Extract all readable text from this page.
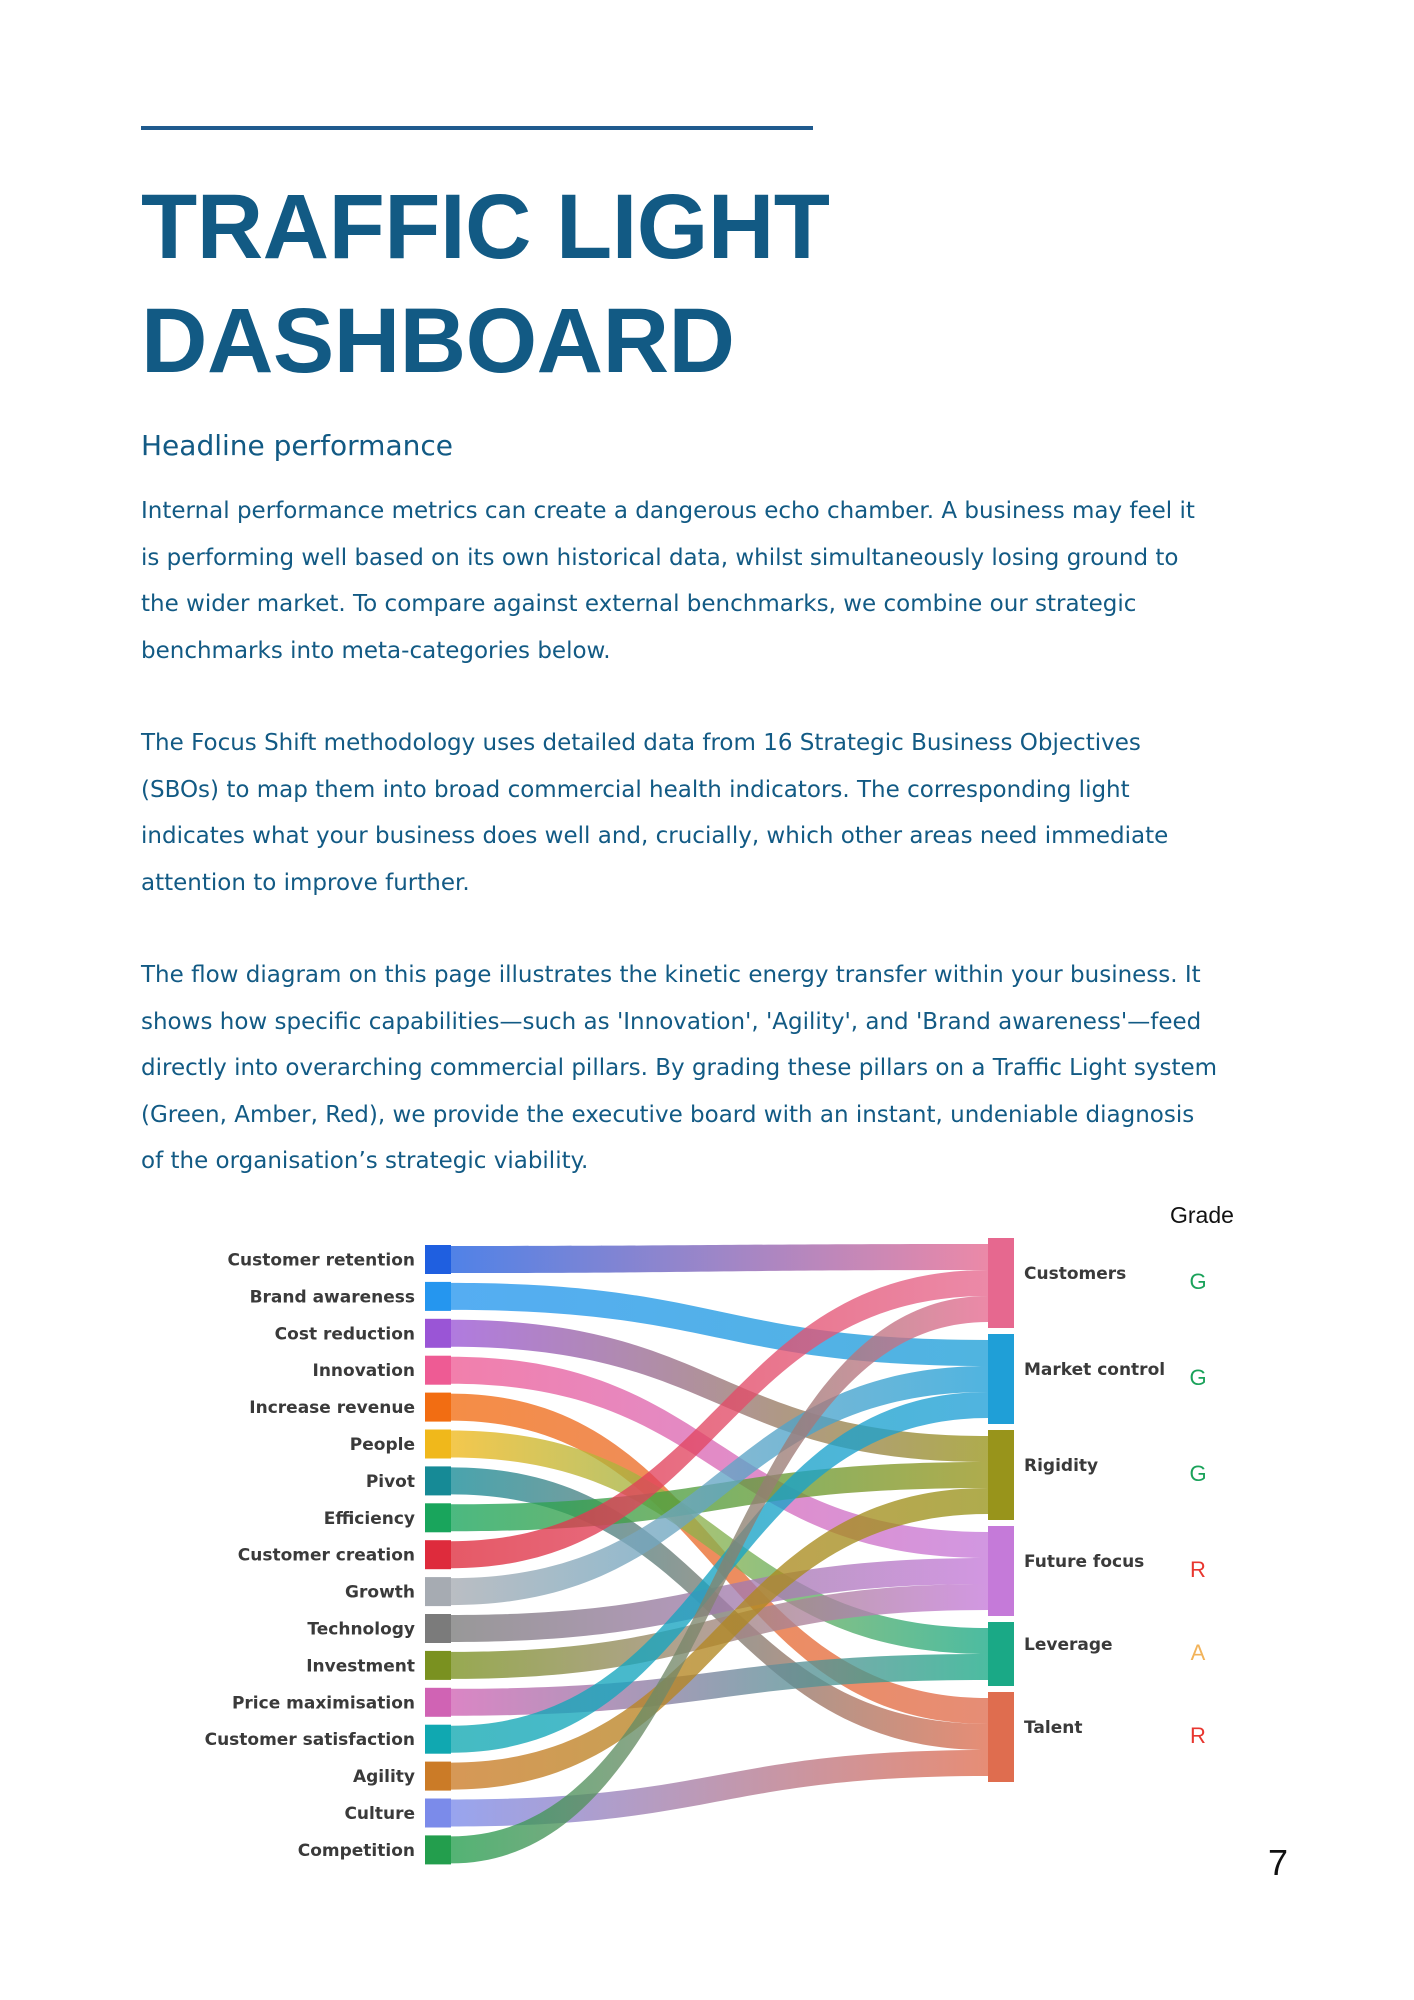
TRAFFIC LIGHT
DASHBOARD
Headline performance

Internal performance metrics can create a dangerous echo chamber. A business may feel it

is performing well based on its own historical data, whilst simultaneously losing ground to

the wider market. To compare against external benchmarks, we combine our strategic

benchmarks into meta-categories below.

The Focus Shift methodology uses detailed data from 16 Strategic Business Objectives

(SBOs) to map them into broad commercial health indicators. The corresponding light

indicates what your business does well and, crucially, which other areas need immediate

attention to improve further.

The flow diagram on this page illustrates the kinetic energy transfer within your business. It

shows how specific capabilities—such as 'Innovation', 'Agility', and 'Brand awareness'—feed

directly into overarching commercial pillars. By grading these pillars on a Traffic Light system

(Green, Amber, Red), we provide the executive board with an instant, undeniable diagnosis

of the organisation’s strategic viability.

Grade
Customer retention
Brand awareness
Cost reduction
Innovation
Increase revenue
People
Pivot
Efficiency
Customer creation
Growth
Technology
Investment
Price maximisation
Customer satisfaction
Agility
Culture
Competition
Customers	G
Market control G
Rigidity	G
Future focus R
Leverage	A
Talent	R
7
